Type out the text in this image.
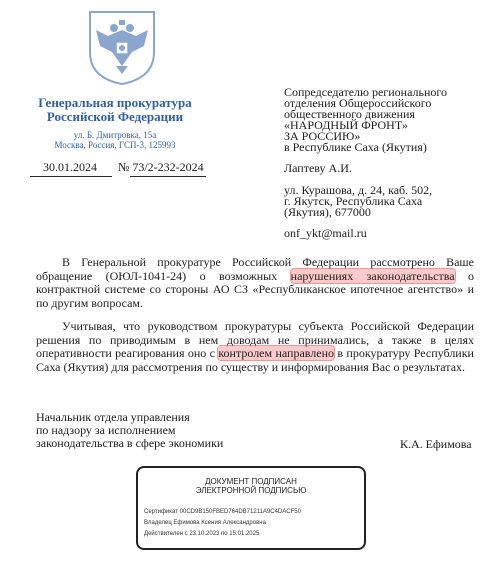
Генеральная прокуратура
Российской Федерации
ул. Б. Дмитровка, 15а
Москва, Россия, ГСП-3, 125993
30.01.2024	№ 73/2-232-2024
Сопредседателю регионального
отделения Общероссийского
общественного движения
«НАРОДНЫЙ ФРОНТ»
ЗА РОССИЮ»
в Республике Саха (Якутия)
Лаптеву А.И.
ул. Курашова, д. 24, каб. 502,
г. Якутск, Республика Саха
(Якутия), 677000
onf_ykt@mail.ru
В Генеральной прокуратуре Российской Федерации рассмотрено Ваше обращение (ОЮЛ-1041-24) о возможных нарушениях законодательства о контрактной системе со стороны АО СЗ «Республиканское ипотечное агентство» и по другим вопросам.
Учитывая, что руководством прокуратуры субъекта Российской Федерации решения по приводимым в нем доводам не принимались, а также в целях оперативности реагирования оно с контролем направлено в прокуратуру Республики Саха (Якутия) для рассмотрения по существу и информирования Вас о результатах.
Начальник отдела управления
по надзору за исполнением
законодательства в сфере экономики	К.А. Ефимова
ДОКУМЕНТ ПОДПИСАН
ЭЛЕКТРОННОЙ ПОДПИСЬЮ
Сертификат 00CD9B150FBED764DB71211A9C4DACF50
Владелец Ефимова Ксения Александровна
Действителен с 23.10.2023 по 15.01.2025
